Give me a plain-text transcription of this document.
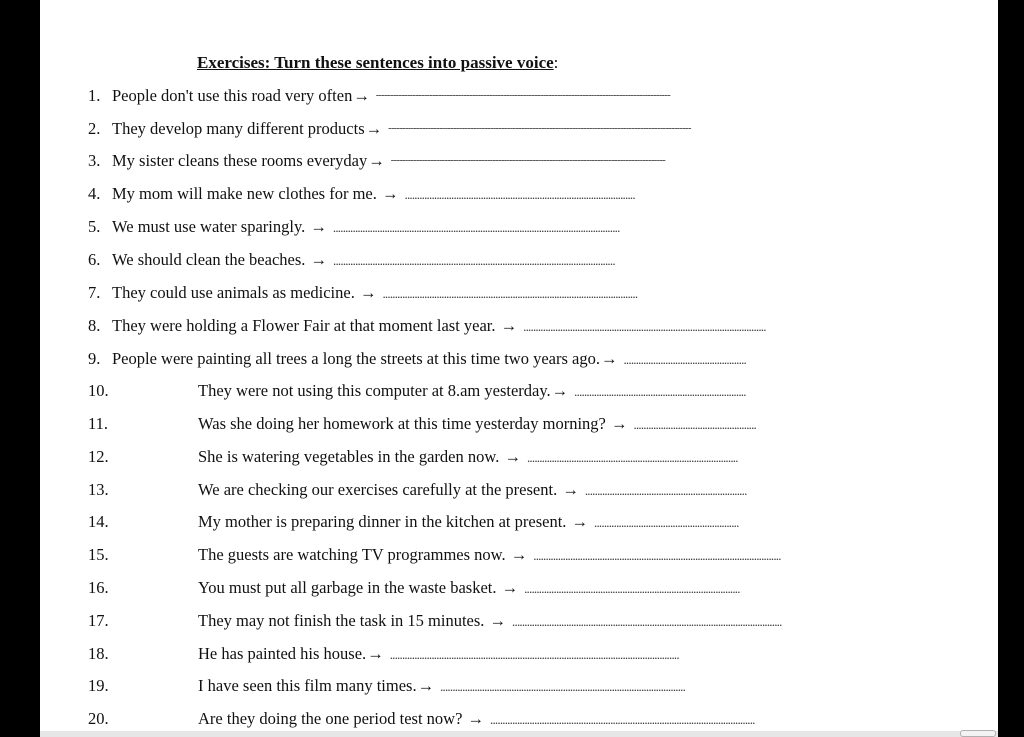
Exercises: Turn these sentences into passive voice:
1. People don't use this road very often → --------------------------------------------------------------------------------------------------------
2. They develop many different products → -----------------------------------------------------------------------------------------------------------
3. My sister cleans these rooms everyday → -------------------------------------------------------------------------------------------------
4. My mom will make new clothes for me. → ..............................................................................................
5. We must use water sparingly. → .....................................................................................................................
6. We should clean the beaches. → ...................................................................................................................
7. They could use animals as medicine. → ........................................................................................................
8. They were holding a Flower Fair at that moment last year. → ...................................................................................................
9. People were painting all trees a long the streets at this time two years ago. → ..................................................
10.	They were not using this computer at 8.am yesterday. → ......................................................................
11.	Was she doing her homework at this time yesterday morning? → ..................................................
12.	She is watering vegetables in the garden now. → ......................................................................................
13.	We are checking our exercises carefully at the present. → ..................................................................
14.	My mother is preparing dinner in the kitchen at present. → ...........................................................
15.	The guests are watching TV programmes now. → .....................................................................................................
16.	You must put all garbage in the waste basket. → ........................................................................................
17.	They may not finish the task in 15 minutes. → ..............................................................................................................
18.	He has painted his house. → ......................................................................................................................
19.	I have seen this film many times. → ....................................................................................................
20.	Are they doing the one period test now? → ............................................................................................................
